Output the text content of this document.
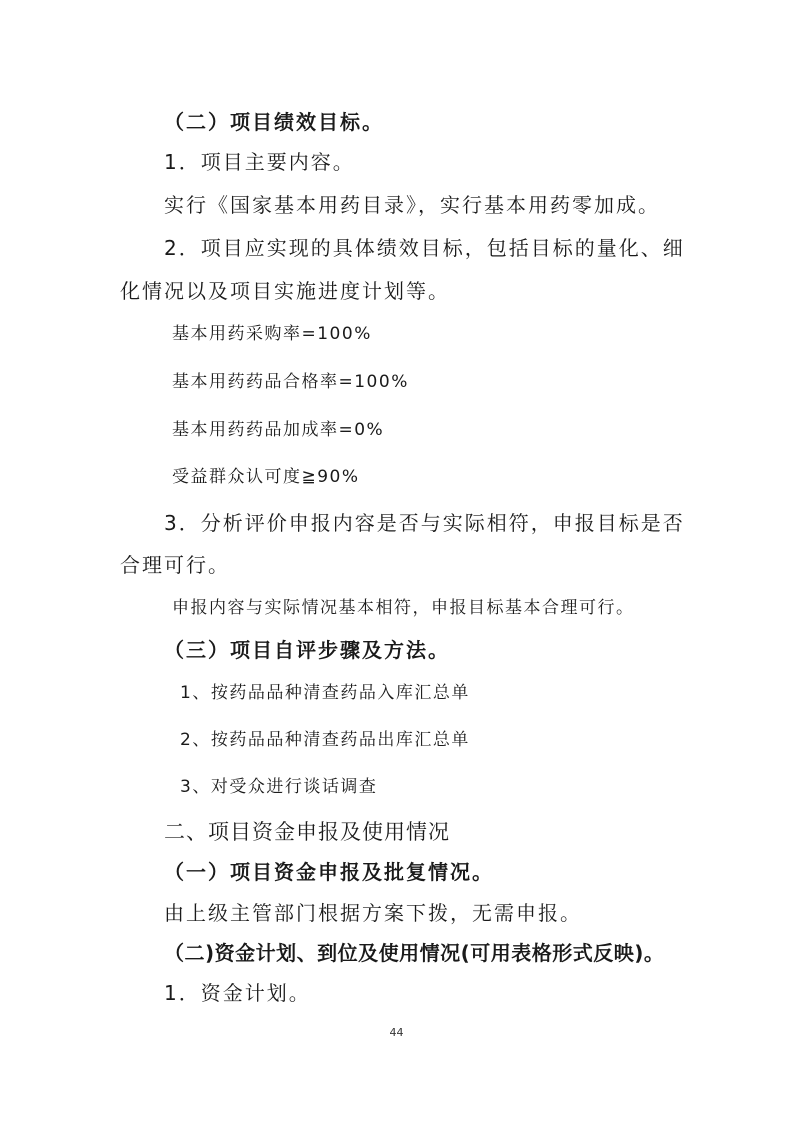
（二）项目绩效目标。
1．项目主要内容。
实行《国家基本用药目录》，实行基本用药零加成。
2．项目应实现的具体绩效目标，包括目标的量化、细
化情况以及项目实施进度计划等。
基本用药采购率=100%
基本用药药品合格率=100%
基本用药药品加成率=0%
受益群众认可度≧90%
3．分析评价申报内容是否与实际相符，申报目标是否
合理可行。
申报内容与实际情况基本相符，申报目标基本合理可行。
（三）项目自评步骤及方法。
1、按药品品种清查药品入库汇总单
2、按药品品种清查药品出库汇总单
3、对受众进行谈话调查
二、项目资金申报及使用情况
（一）项目资金申报及批复情况。
由上级主管部门根据方案下拨，无需申报。
（二)资金计划、到位及使用情况(可用表格形式反映)。
1．资金计划。
44
